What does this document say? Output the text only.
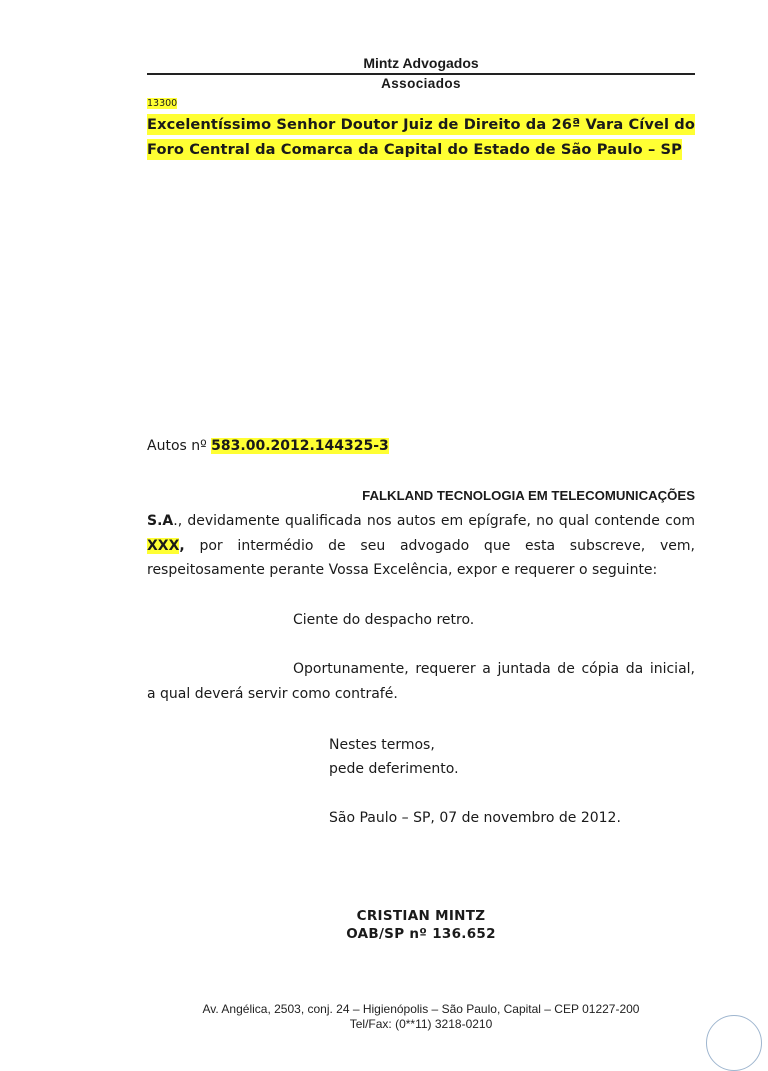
Mintz Advogados
Associados
13300
Excelentíssimo Senhor Doutor Juiz de Direito da 26ª Vara Cível do
Foro Central da Comarca da Capital do Estado de São Paulo – SP
Autos nº 583.00.2012.144325-3
FALKLAND TECNOLOGIA EM TELECOMUNICAÇÕES
S.A., devidamente qualificada nos autos em epígrafe, no qual contende com XXX, por intermédio de seu advogado que esta subscreve, vem, respeitosamente perante Vossa Excelência, expor e requerer o seguinte:
Ciente do despacho retro.
Oportunamente, requerer a juntada de cópia da inicial,
a qual deverá servir como contrafé.
Nestes termos,
pede deferimento.
São Paulo – SP, 07 de novembro de 2012.
CRISTIAN MINTZ
OAB/SP nº 136.652
Av. Angélica, 2503, conj. 24 – Higienópolis – São Paulo, Capital – CEP 01227-200
Tel/Fax: (0**11) 3218-0210
